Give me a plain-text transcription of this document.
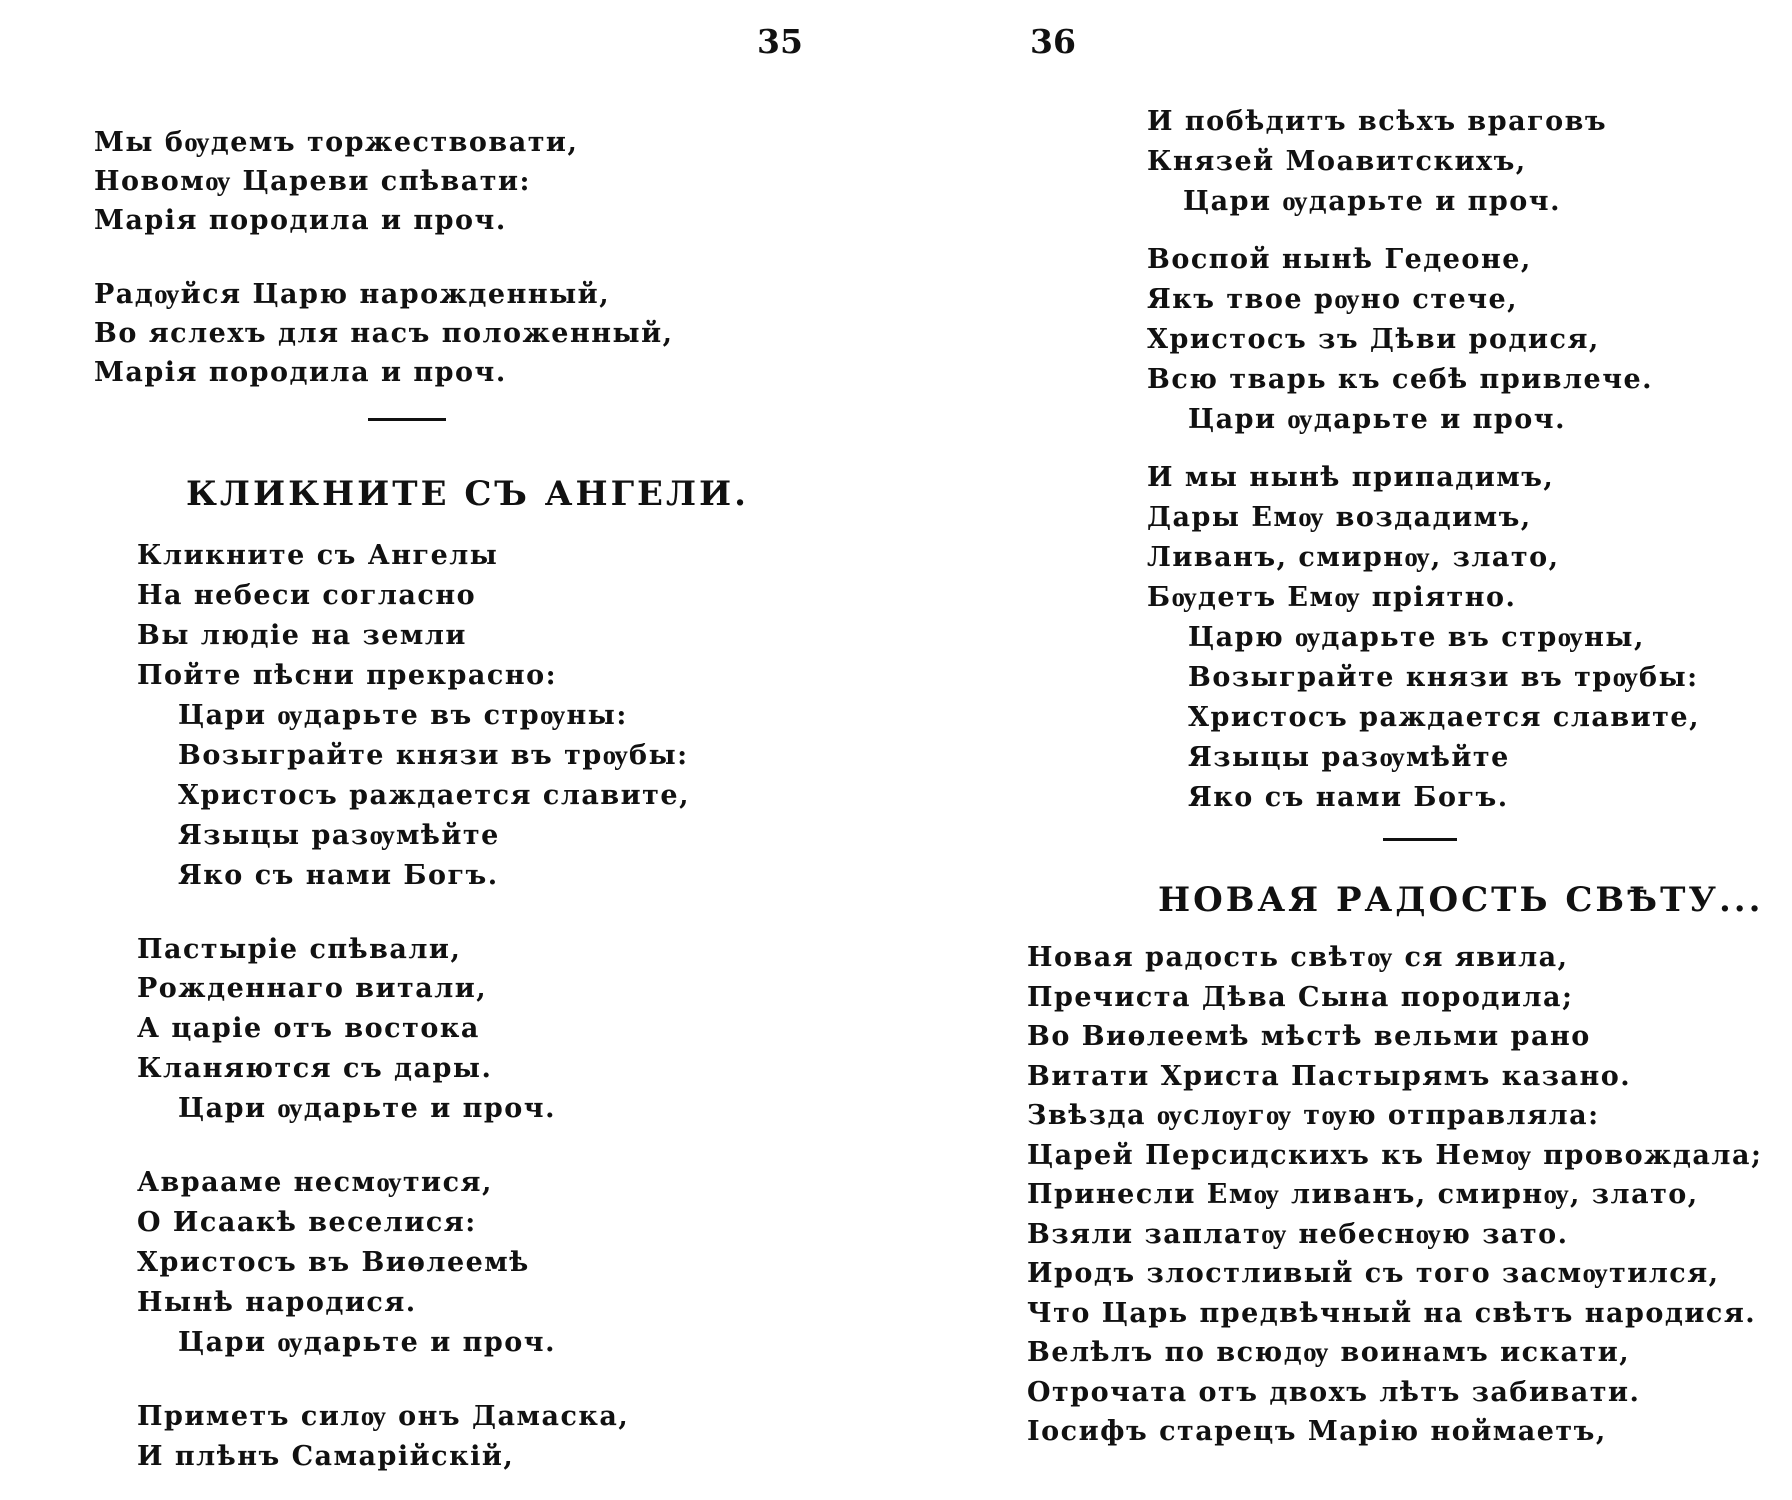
35	36
Мы бѹдемъ торжествовати,
Новомѹ Цареви спѣвати:
Марія породила и проч.
Радѹйся Царю нарожденный,
Во яслехъ для насъ положенный,
Марія породила и проч.
КЛИКНИТЕ СЪ АНГЕЛИ.
Кликните съ Ангелы
На небеси согласно
Вы людіе на земли
Пойте пѣсни прекрасно:
Цари ѹдарьте въ стрѹны:
Возыграйте князи въ трѹбы:
Христосъ раждается славите,
Языцы разѹмѣйте
Яко съ нами Богъ.
Пастыріе спѣвали,
Рожденнаго витали,
А царіе отъ востока
Кланяются съ дары.
Цари ѹдарьте и проч.
Авраамe несмѹтися,
О Исаакѣ веселися:
Христосъ въ Виѳлеемѣ
Нынѣ народися.
Цари ѹдарьте и проч.
Приметъ силѹ онъ Дамаска,
И плѣнъ Самарійскій,
И побѣдитъ всѣхъ враговъ
Князей Моавитскихъ,
Цари ѹдарьте и проч.
Воспой нынѣ Гедеоне,
Якъ твое рѹно стече,
Христосъ зъ Дѣви родися,
Всю тварь къ себѣ привлече.
Цари ѹдарьте и проч.
И мы нынѣ припадимъ,
Дары Емѹ воздадимъ,
Ливанъ, смирнѹ, злато,
Бѹдетъ Емѹ пріятно.
Царю ѹдарьте въ стрѹны,
Возыграйте князи въ трѹбы:
Христосъ раждается славите,
Языцы разѹмѣйте
Яко съ нами Богъ.
НОВАЯ РАДОСТЬ СВѢТУ...
Новая радость свѣтѹ ся явила,
Пречиста Дѣва Сына породила;
Во Виѳлеемѣ мѣстѣ вельми рано
Витати Христа Пастырямъ казано.
Звѣзда ѹслѹгѹ тѹю отправляла:
Царей Персидскихъ къ Немѹ провождала;
Принесли Емѹ ливанъ, смирнѹ, злато,
Взяли заплатѹ небеснѹю зато.
Иродъ злостливый съ того засмѹтился,
Что Царь предвѣчный на свѣтъ народися.
Велѣлъ по всюдѹ воинамъ искати,
Отрочата отъ двохъ лѣтъ забивати.
Іосифъ старецъ Марію ноймаетъ,
